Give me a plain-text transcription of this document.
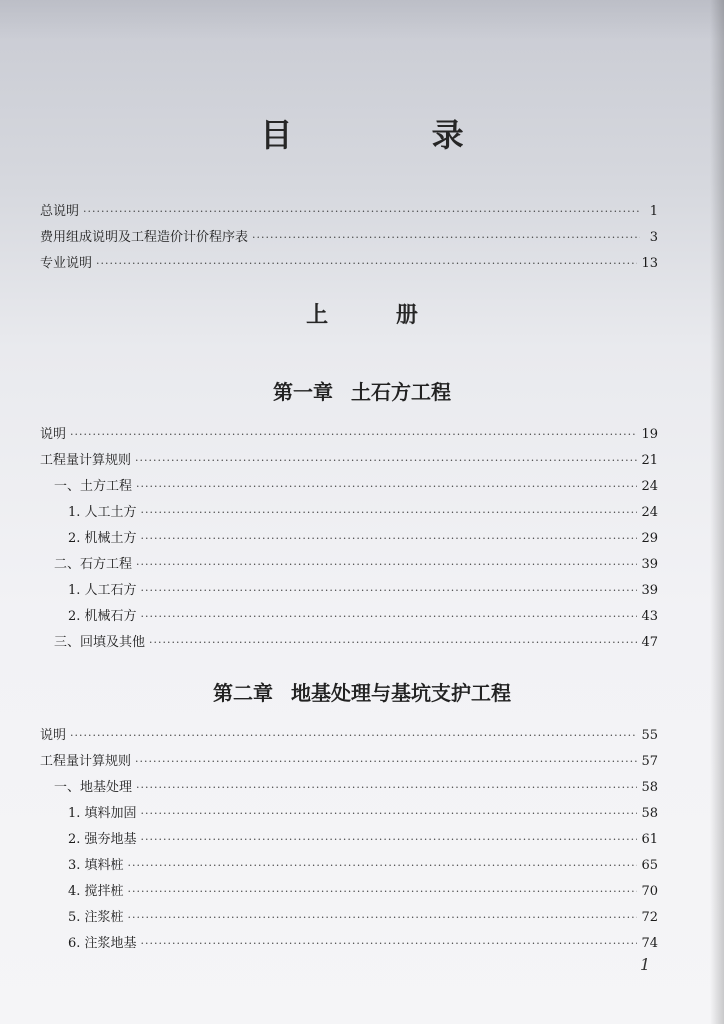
目 录
总说明 ·····	1
费用组成说明及工程造价计价程序表 ·····	3
专业说明 ·····	13
上 册
第一章 土石方工程
说明 ·····	19
工程量计算规则 ·····	21
一、土方工程 ·····	24
1. 人工土方 ·····	24
2. 机械土方 ·····	29
二、石方工程 ·····	39
1. 人工石方 ·····	39
2. 机械石方 ·····	43
三、回填及其他 ·····	47
第二章 地基处理与基坑支护工程
说明 ·····	55
工程量计算规则 ·····	57
一、地基处理 ·····	58
1. 填料加固 ·····	58
2. 强夯地基 ·····	61
3. 填料桩 ·····	65
4. 搅拌桩 ·····	70
5. 注浆桩 ·····	72
6. 注浆地基 ·····	74
1
